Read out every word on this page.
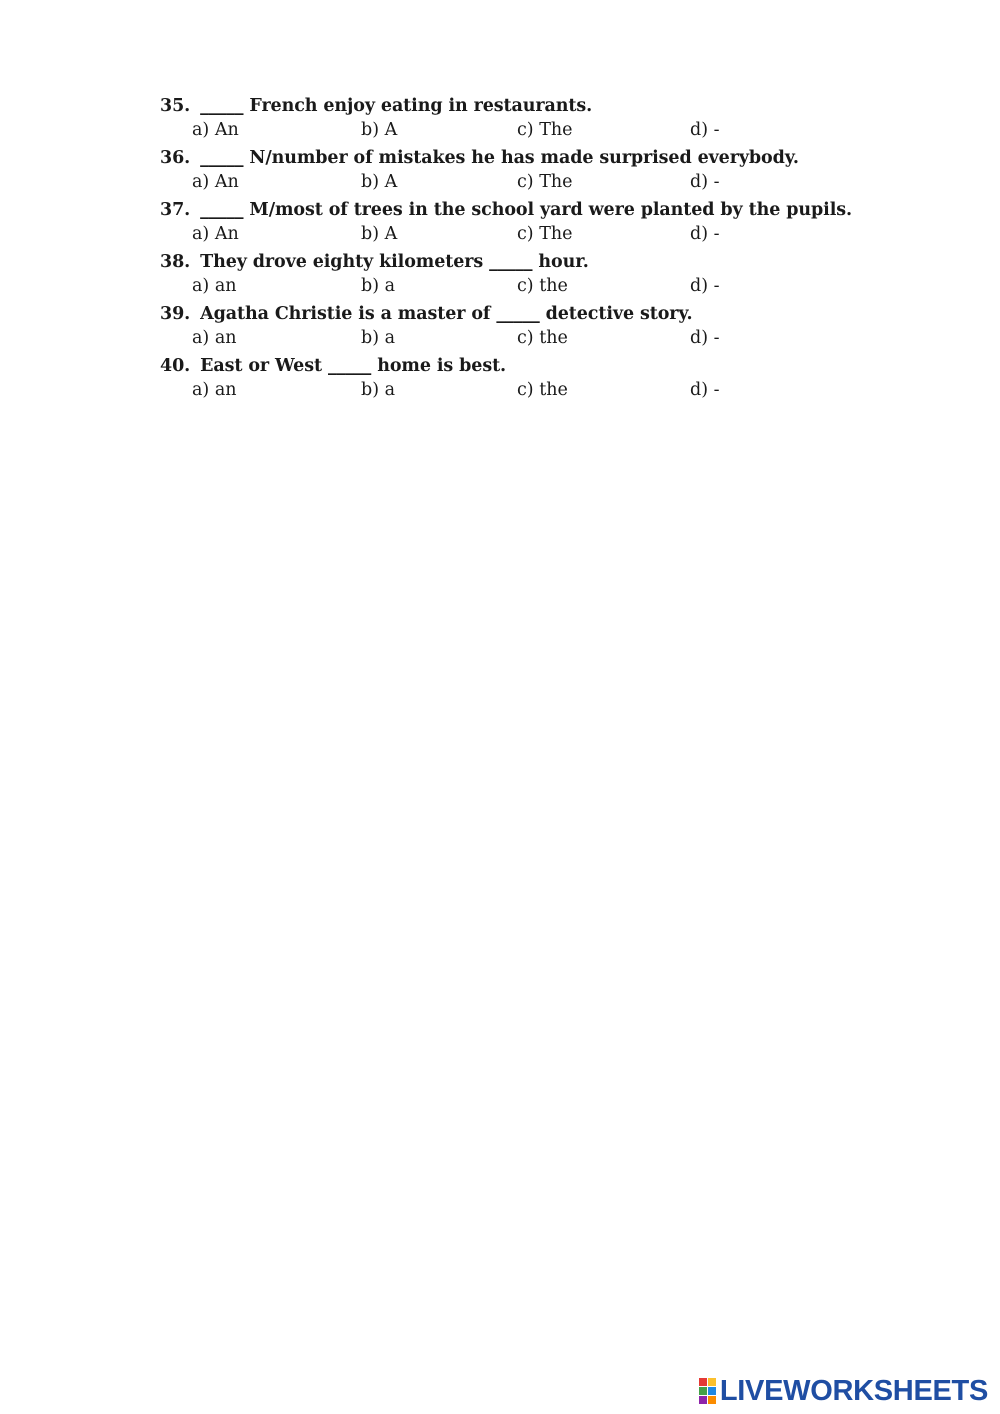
35. _____ French enjoy eating in restaurants.
a) An	b) A	c) The	d) -
36. _____ N/number of mistakes he has made surprised everybody.
a) An	b) A	c) The	d) -
37. _____ M/most of trees in the school yard were planted by the pupils.
a) An	b) A	c) The	d) -
38. They drove eighty kilometers _____ hour.
a) an	b) a	c) the	d) -
39. Agatha Christie is a master of _____ detective story.
a) an	b) a	c) the	d) -
40. East or West _____ home is best.
a) an	b) a	c) the	d) -
LIVEWORKSHEETS
